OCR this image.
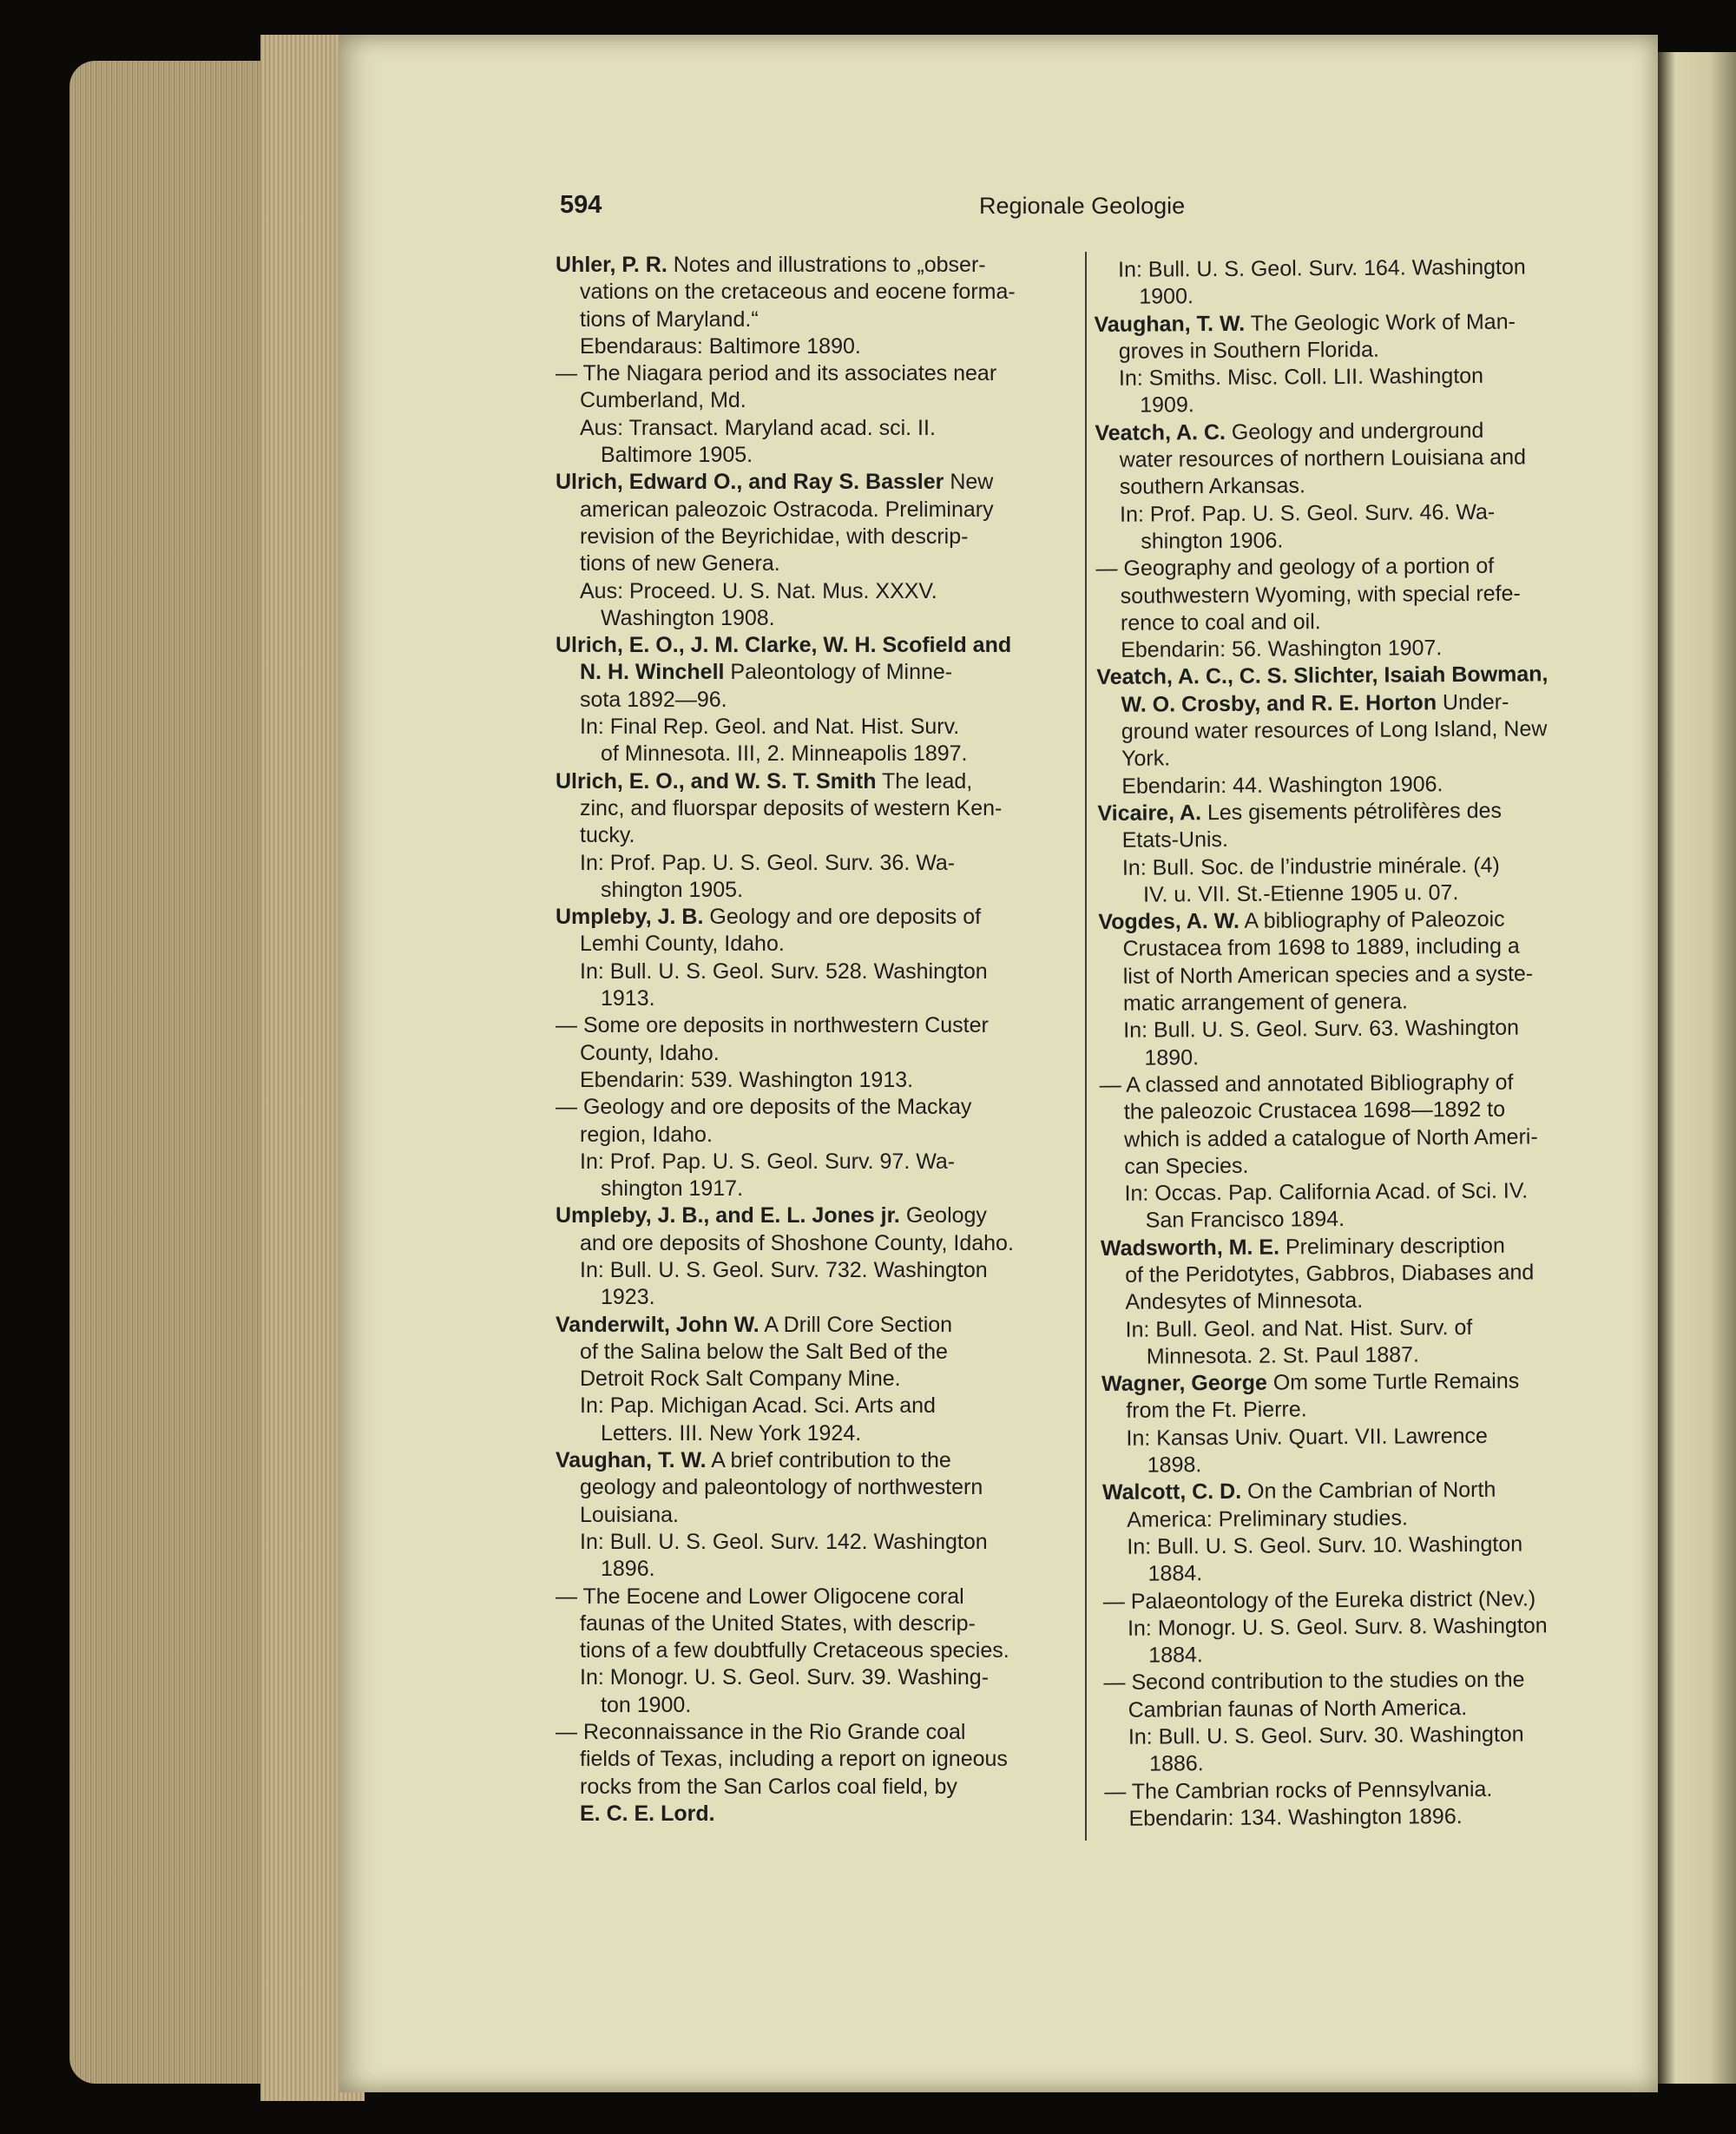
594	Regionale Geologie
Uhler, P. R. Notes and illustrations to „obser-
vations on the cretaceous and eocene forma-
tions of Maryland.“
Ebendaraus: Baltimore 1890.
— The Niagara period and its associates near
Cumberland, Md.
Aus: Transact. Maryland acad. sci. II.
Baltimore 1905.
Ulrich, Edward O., and Ray S. Bassler New
american paleozoic Ostracoda. Preliminary
revision of the Beyrichidae, with descrip-
tions of new Genera.
Aus: Proceed. U. S. Nat. Mus. XXXV.
Washington 1908.
Ulrich, E. O., J. M. Clarke, W. H. Scofield and
N. H. Winchell Paleontology of Minne-
sota 1892—96.
In: Final Rep. Geol. and Nat. Hist. Surv.
of Minnesota. III, 2. Minneapolis 1897.
Ulrich, E. O., and W. S. T. Smith The lead,
zinc, and fluorspar deposits of western Ken-
tucky.
In: Prof. Pap. U. S. Geol. Surv. 36. Wa-
shington 1905.
Umpleby, J. B. Geology and ore deposits of
Lemhi County, Idaho.
In: Bull. U. S. Geol. Surv. 528. Washington
1913.
— Some ore deposits in northwestern Custer
County, Idaho.
Ebendarin: 539. Washington 1913.
— Geology and ore deposits of the Mackay
region, Idaho.
In: Prof. Pap. U. S. Geol. Surv. 97. Wa-
shington 1917.
Umpleby, J. B., and E. L. Jones jr. Geology
and ore deposits of Shoshone County, Idaho.
In: Bull. U. S. Geol. Surv. 732. Washington
1923.
Vanderwilt, John W. A Drill Core Section
of the Salina below the Salt Bed of the
Detroit Rock Salt Company Mine.
In: Pap. Michigan Acad. Sci. Arts and
Letters. III. New York 1924.
Vaughan, T. W. A brief contribution to the
geology and paleontology of northwestern
Louisiana.
In: Bull. U. S. Geol. Surv. 142. Washington
1896.
— The Eocene and Lower Oligocene coral
faunas of the United States, with descrip-
tions of a few doubtfully Cretaceous species.
In: Monogr. U. S. Geol. Surv. 39. Washing-
ton 1900.
— Reconnaissance in the Rio Grande coal
fields of Texas, including a report on igneous
rocks from the San Carlos coal field, by
E. C. E. Lord.
In: Bull. U. S. Geol. Surv. 164. Washington
1900.
Vaughan, T. W. The Geologic Work of Man-
groves in Southern Florida.
In: Smiths. Misc. Coll. LII. Washington
1909.
Veatch, A. C. Geology and underground
water resources of northern Louisiana and
southern Arkansas.
In: Prof. Pap. U. S. Geol. Surv. 46. Wa-
shington 1906.
— Geography and geology of a portion of
southwestern Wyoming, with special refe-
rence to coal and oil.
Ebendarin: 56. Washington 1907.
Veatch, A. C., C. S. Slichter, Isaiah Bowman,
W. O. Crosby, and R. E. Horton Under-
ground water resources of Long Island, New
York.
Ebendarin: 44. Washington 1906.
Vicaire, A. Les gisements pétrolifères des
Etats-Unis.
In: Bull. Soc. de l’industrie minérale. (4)
IV. u. VII. St.-Etienne 1905 u. 07.
Vogdes, A. W. A bibliography of Paleozoic
Crustacea from 1698 to 1889, including a
list of North American species and a syste-
matic arrangement of genera.
In: Bull. U. S. Geol. Surv. 63. Washington
1890.
— A classed and annotated Bibliography of
the paleozoic Crustacea 1698—1892 to
which is added a catalogue of North Ameri-
can Species.
In: Occas. Pap. California Acad. of Sci. IV.
San Francisco 1894.
Wadsworth, M. E. Preliminary description
of the Peridotytes, Gabbros, Diabases and
Andesytes of Minnesota.
In: Bull. Geol. and Nat. Hist. Surv. of
Minnesota. 2. St. Paul 1887.
Wagner, George Om some Turtle Remains
from the Ft. Pierre.
In: Kansas Univ. Quart. VII. Lawrence
1898.
Walcott, C. D. On the Cambrian of North
America: Preliminary studies.
In: Bull. U. S. Geol. Surv. 10. Washington
1884.
— Palaeontology of the Eureka district (Nev.)
In: Monogr. U. S. Geol. Surv. 8. Washington
1884.
— Second contribution to the studies on the
Cambrian faunas of North America.
In: Bull. U. S. Geol. Surv. 30. Washington
1886.
— The Cambrian rocks of Pennsylvania.
Ebendarin: 134. Washington 1896.
